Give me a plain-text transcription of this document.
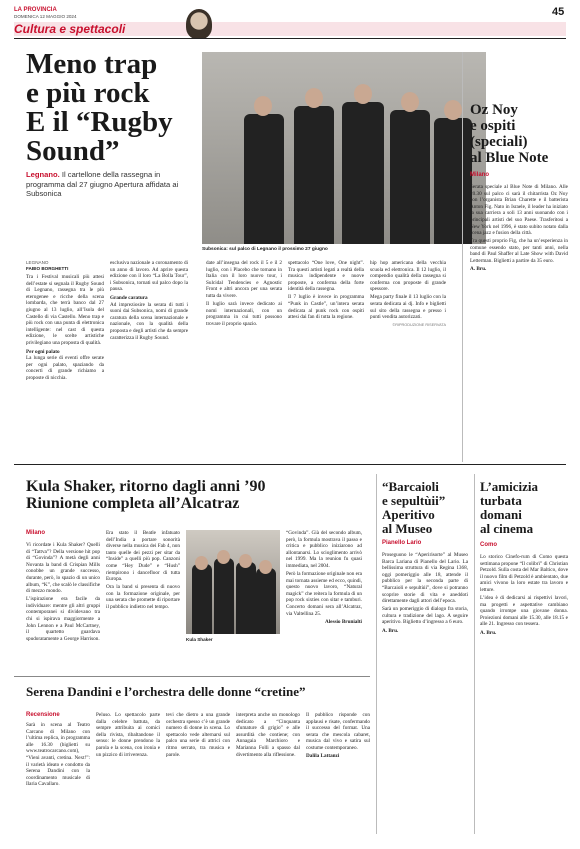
LA PROVINCIA
DOMENICA 12 MAGGIO 2024	45
Cultura e spettacoli
Meno trap
e più rock
E il “Rugby
Sound”
Legnano. Il cartellone della rassegna in programma dal 27 giugno Apertura affidata ai Subsonica
Subsonica: sul palco di Legnano il prossimo 27 giugno
LEGNANO
FABIO BORGHETTI

Tra i Festival musicali più attesi dell’estate si segnala il Rugby Sound di Legnano, rassegna tra le più eterogenee e ricche della scena lombarda, che terrà banco dal 27 giugno al 13 luglio, all’Isola del Castello di via Castello. Meno trap e più rock con una punta di elettronica intelligente: nel cast di questa edizione, le scelte artistiche privilegiano una proposta di qualità.

Per ogni palato

La lunga serie di eventi offre serate per ogni palato, spaziando da concerti di grande richiamo a proposte di nicchia.

esclusiva nazionale a coronamento di un anno di lavoro. Ad aprire questa edizione con il loro “La Bolla Tour”, i Subsonica, tornati sul palco dopo la pausa.

Grande caratura

Ad impreziosire la serata di tutti i suoni dai Subsonica, nomi di grande caratura della scena internazionale e nazionale, con la qualità della proposta e degli artisti che da sempre caratterizza il Rugby Sound.

date all’insegna del rock il 5 e il 2 luglio, con i Placebo che tornano in Italia con il loro nuovo tour, i Sulcidal Tendencies e Agnostic Front e altri ancora per una serata tutta da vivere.

Il luglio sarà invece dedicato ai nomi internazionali, con un programma in cui tutti possono trovare il proprio spazio.

spettacolo “One love, One night”. Tra questi artisti legati a realtà della musica indipendente e nuove proposte, a conferma della forte identità della rassegna.

Il 7 luglio è invece in programma “Punk in Castle”, un’intera serata dedicata al punk rock con ospiti attesi dai fan di tutta la regione.

hip hop americana della vecchia scuola ed elettronica. Il 12 luglio, il compendio qualità della rassegna si conferma con proposte di grande spessore.

Mega party finale il 13 luglio con la serata dedicata ai dj. Info e biglietti sul sito della rassegna e presso i punti vendita autorizzati.

©RIPRODUZIONE RISERVATA
Oz Noy
e ospiti
(speciali)
al Blue Note
Milano

Serata speciale al Blue Note di Milano. Alle 20.30 sul palco ci sarà il chitarrista Oz Noy con l’organista Brian Charette e il batterista Anton Fig. Nato in Israele, il leader ha iniziato la sua carriera a soli 13 anni suonando con i principali artisti del suo Paese. Trasferitosi a New York nel 1996, è stato subito notato dalla scena jazz e fusion della città.

Tra questi proprio Fig, che ha un’esperienza in comune essendo stato, per tanti anni, nella band di Paul Shaffer al Late Show with David Letterman. Biglietti a partire da 35 euro.

A. Bru.
Kula Shaker, ritorno dagli anni ’90
Riunione completa all’Alcatraz
Milano

Vi ricordate i Kula Shaker? Quelli di “Tattva”? Della versione hit pop di “Govinda”? A metà degli anni Novanta la band di Crispian Mills conobbe un grande successo, durante, però, lo spazio di un unico album, “K”, che scalò le classifiche di mezzo mondo.

L’ispirazione era facile da individuare: mentre gli altri gruppi contemporanei si dividevano tra chi si ispirava maggiormente a John Lennon e a Paul McCartney, il quartetto guardava spudoratamente a George Harrison.

Era stato il Beatle infatuato dell’India a portare sonorità diverse nella musica dei Fab 4, non tanto quelle dei pezzi per sitar da “Inside” a quelli più pop. Canzoni come “Hey Dude” e “Hush” riempirono i dancefloor di tutta Europa.

Ora la band si presenta di nuovo con la formazione originale, per una serata che promette di riportare il pubblico indietro nel tempo.

Kula Shaker

“Govinda”. Già del secondo album, però, la formula mostrava il passo e critica e pubblico iniziarono ad allontanarsi. Lo scioglimento arrivò nel 1999. Ma la reunion fu quasi immediata, nel 2004.

Però la formazione originale non era mai tornata assieme ed ecco, quindi, questo nuovo lavoro, “Natural magick” che reitera la formula di un pop rock sixties con sitar e tamburi. Concerto domani sera all’Alcatraz, via Valtellina 25.

Alessio Brunialti
“Barcaioli
e sepultùii”
Aperitivo
al Museo
Pianello Lario

Proseguono le “Aperirisorte” al Museo Barca Lariana di Pianello del Lario. La bellissima struttura di via Regina 1368, oggi pomeriggio alle 18, attende il pubblico per la seconda parte di “Barcaioli e sepultùii”, dove si potranno scoprire storie di vita e aneddoti direttamente dagli attori dell’epoca.

Sarà un pomeriggio di dialogo fra storia, cultura e tradizione del lago. A seguire aperitivo. Biglietto d’ingresso a 6 euro.

A. Bru.
L’amicizia
turbata
domani
al cinema
Como

Lo storico Cinefo-rum di Como questa settimana propone “Il colibrì” di Christian Petzold. Sulla costa del Mar Baltico, dove il nuovo film di Petzold è ambientato, due amici vivono la loro estate tra lavoro e letture.

L’idea è di dedicarsi ai rispettivi lavori, ma progetti e aspettative cambiano quando irrompe una giovane donna. Proiezioni domani alle 15.30, alle 18.15 e alle 21. Ingresso con tessera.

A. Bru.
Serena Dandini e l’orchestra delle donne “cretine”
Recensione

Sarà in scena al Teatro Carcano di Milano con l’ultima replica, in programma alle 16.30 (biglietti su www.teatrocarcano.com), “Vieni avanti, cretina. Next!”: il varietà ideato e condotto da Serena Dandini con la coordinamento musicale di Ilaria Cavallaro.

Peluso. Lo spettacolo parte dalla celebre battuta, da sempre attribuita ai comici della rivista, ribaltandone il senso: le donne prendono la parola e la scena, con ironia e un pizzico di irriverenza.

tevi che dietro a una grande orchestra spesso c’è un grande numero di donne in scena. Lo spettacolo vede alternarsi sul palco una serie di attrici con ritmo serrato, tra musica e parole.

interpreta anche un monologo dedicato a “Cinquanta sfumature di grigio” e alle assurdità che contiene; con Annagaia Marchioro e Marianna Folli a spasso dal divertimento alla riflessione.

Il pubblico risponde con applausi e risate, confermando il successo del format. Una serata che mescola cabaret, musica dal vivo e satira sul costume contemporaneo.

Dalila Lattanzi
